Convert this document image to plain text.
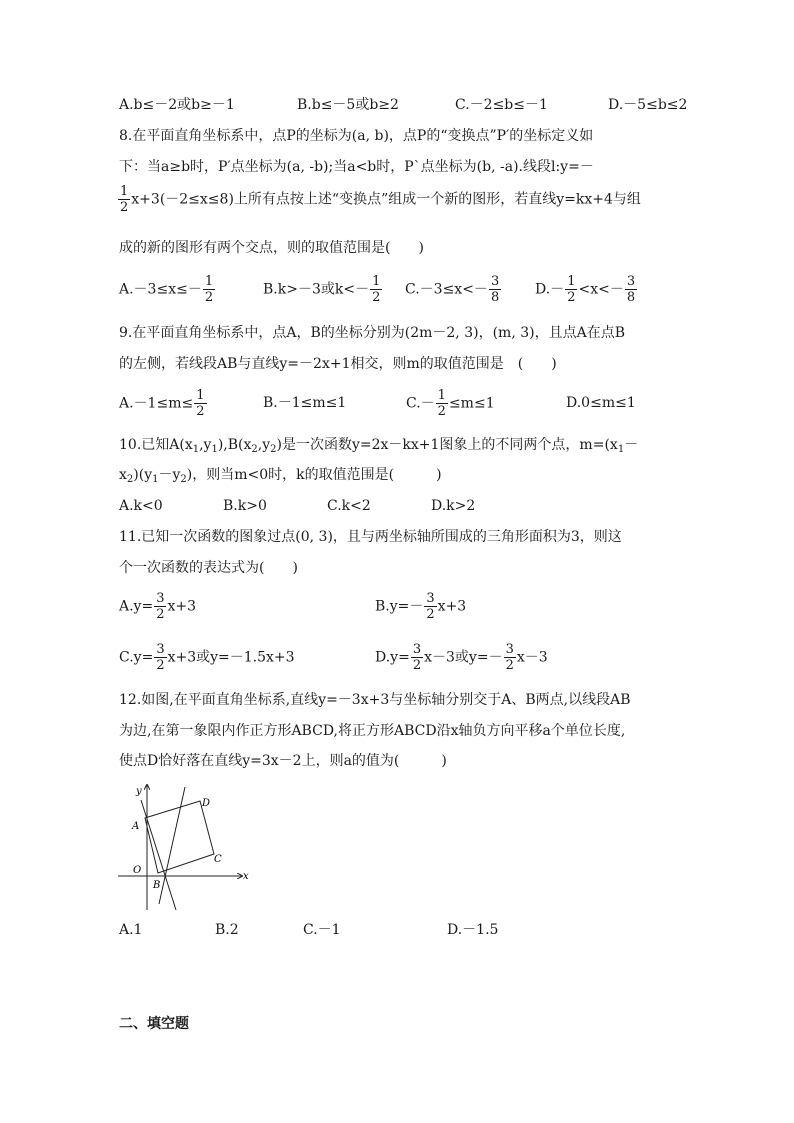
A.b≤－2或b≥－1	B.b≤－5或b≥2	C.－2≤b≤－1	D.－5≤b≤2
8.在平面直角坐标系中，点P的坐标为(a, b)，点P的“变换点”P′的坐标定义如
下：当a≥b时，P′点坐标为(a, -b);当a<b时，P`点坐标为(b, -a).线段l:y=－
$\frac{1}{2} x+3(-2\le x\le 8)$上所有点按上述“变换点”组成一个新的图形，若直线y=kx+4与组
成的新的图形有两个交点，则的取值范围是(　　)
$A.-3\le x\le- \frac{1}{2}$	B.k>－3或$k<- \frac{1}{2} C.-3\le x<- \frac{3}{8} D.- \frac{1}{2} <x<- \frac{3}{8}$
9.在平面直角坐标系中，点A，B的坐标分别为(2m－2, 3)，(m, 3)，且点A在点B
的左侧，若线段AB与直线y=－2x+1相交，则m的取值范围是　(　　)
$A.-1\le m\le \frac{1}{2}$	B.－1≤m≤1	$C.- \frac{1}{2} \le m\le 1$	D.0≤m≤1
10.已知$A(x_1,y_1),B(x_2,y_2)$是一次函数y=2x－kx+1图象上的不同两个点，$m=(x_1-$
$x_2)(y_1-y_2)$，则当m<0时，k的取值范围是(　　　)
A.k<0	B.k>0	C.k<2	D.k>2
11.已知一次函数的图象过点(0, 3)，且与两坐标轴所围成的三角形面积为3，则这
个一次函数的表达式为(　　)
$A.y= \frac{3}{2} x+3$	$B.y=- \frac{3}{2} x+3$
$C.y= \frac{3}{2} x+3$或y=－1.5x+3	$D.y= \frac{3}{2} x-3$或$y=- \frac{3}{2} x-3$
12.如图,在平面直角坐标系,直线y=－3x+3与坐标轴分别交于A、B两点,以线段AB
为边,在第一象限内作正方形ABCD,将正方形ABCD沿x轴负方向平移a个单位长度,
使点D恰好落在直线y=3x－2上，则a的值为(　　　)
y
x
O
A
B
C
D
A.1	B.2	C.－1	D.－1.5
二、填空题
